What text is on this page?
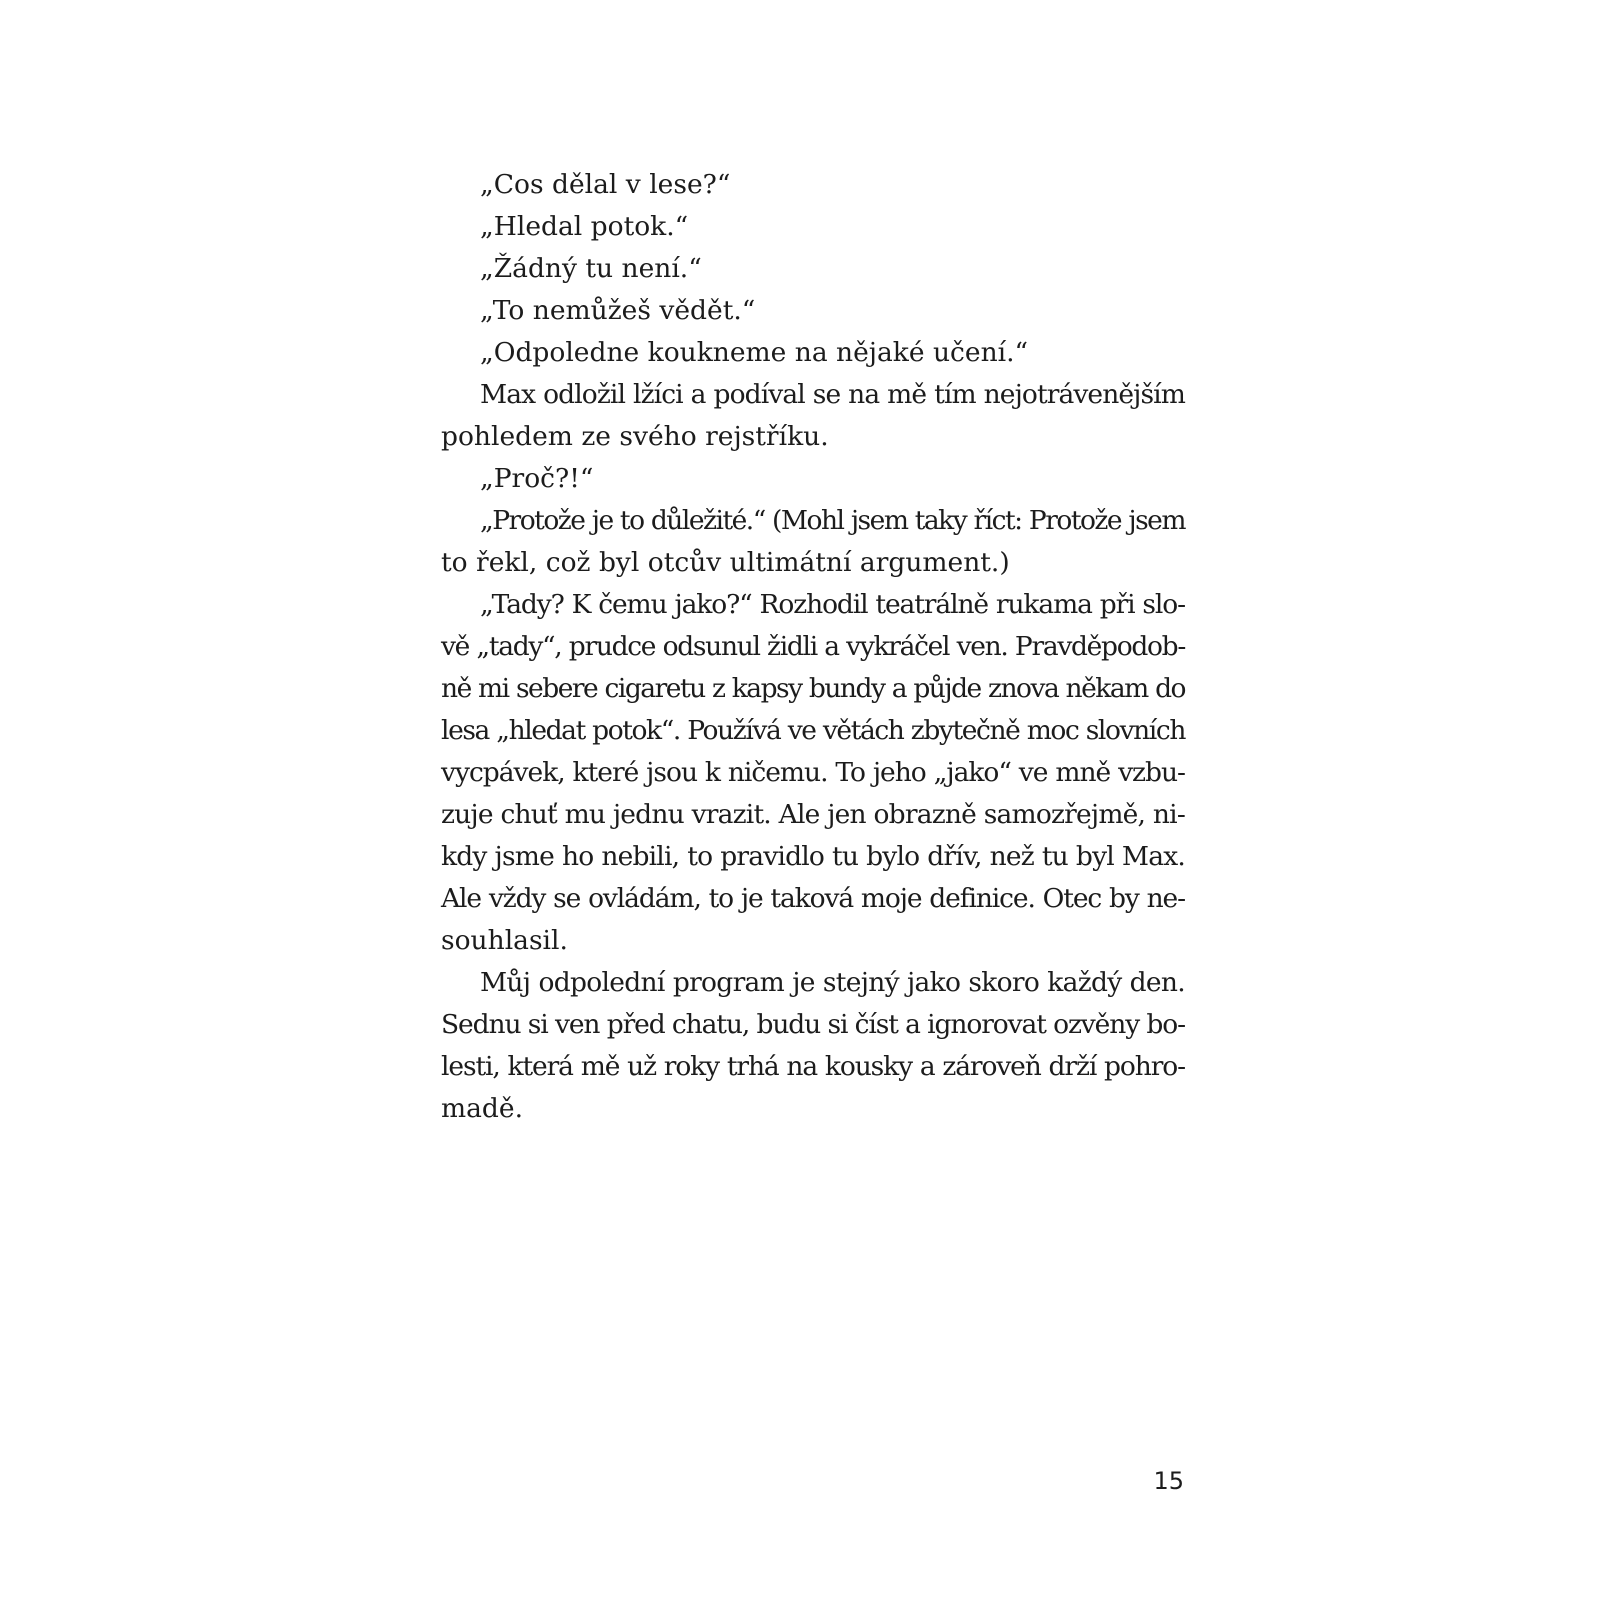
„Cos dělal v lese?“
„Hledal potok.“
„Žádný tu není.“
„To nemůžeš vědět.“
„Odpoledne koukneme na nějaké učení.“
Max odložil lžíci a podíval se na mě tím nejotrávenějším
pohledem ze svého rejstříku.
„Proč?!“
„Protože je to důležité.“ (Mohl jsem taky říct: Protože jsem
to řekl, což byl otcův ultimátní argument.)
„Tady? K čemu jako?“ Rozhodil teatrálně rukama při slo-
vě „tady“, prudce odsunul židli a vykráčel ven. Pravděpodob-
ně mi sebere cigaretu z kapsy bundy a půjde znova někam do
lesa „hledat potok“. Používá ve větách zbytečně moc slovních
vycpávek, které jsou k ničemu. To jeho „jako“ ve mně vzbu-
zuje chuť mu jednu vrazit. Ale jen obrazně samozřejmě, ni-
kdy jsme ho nebili, to pravidlo tu bylo dřív, než tu byl Max.
Ale vždy se ovládám, to je taková moje definice. Otec by ne-
souhlasil.
Můj odpolední program je stejný jako skoro každý den.
Sednu si ven před chatu, budu si číst a ignorovat ozvěny bo-
lesti, která mě už roky trhá na kousky a zároveň drží pohro-
madě.
15
